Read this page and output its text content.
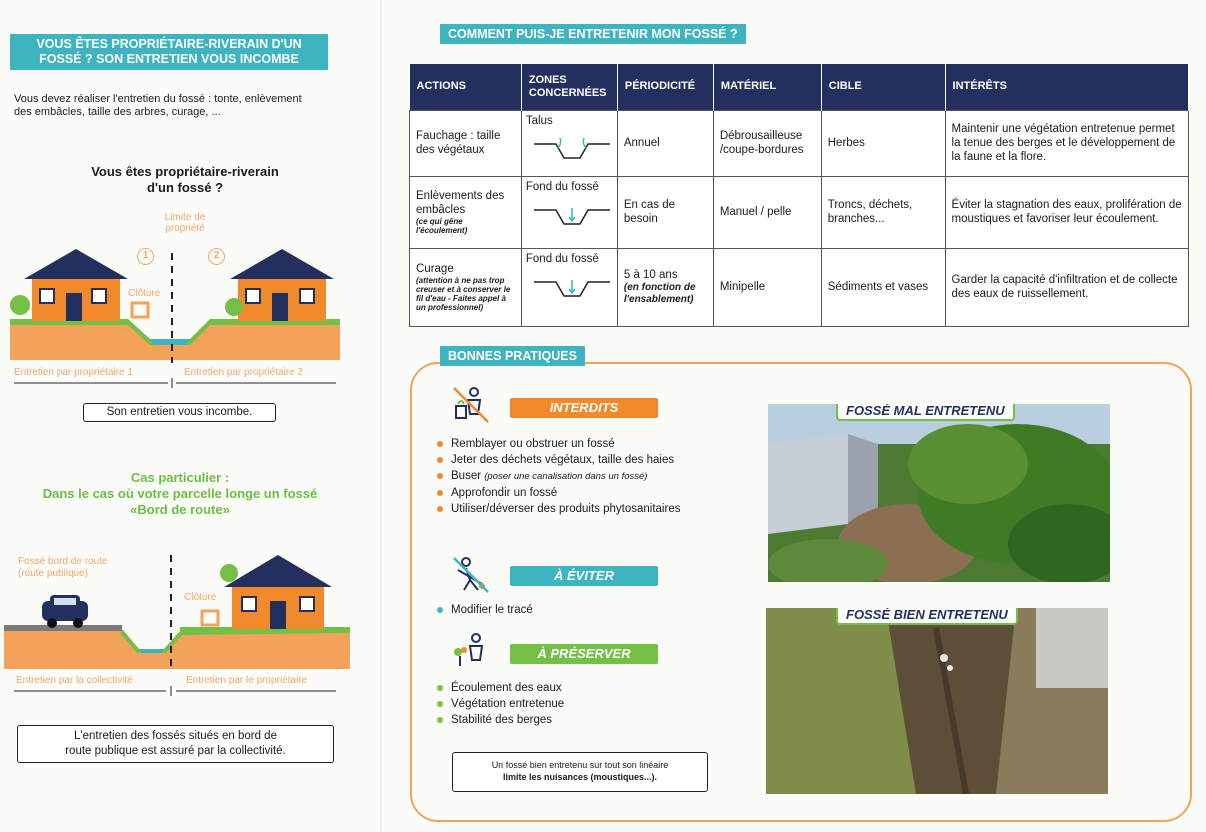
VOUS ÊTES PROPRIÉTAIRE-RIVERAIN D'UN
FOSSÉ ? SON ENTRETIEN VOUS INCOMBE
Vous devez réaliser l'entretien du fossé : tonte, enlèvement des embâcles, taille des arbres, curage, ...
Vous êtes propriétaire-riverain
d'un fossé ?
Limite de
propriété
1	2
Clôture
Entretien par propriétaire 1	Entretien par propriétaire 2
Son entretien vous incombe.
Cas particulier :
Dans le cas où votre parcelle longe un fossé
«Bord de route»
Fossé bord de route
(route publique)
Clôture
Entretien par la collectivité	Entretien par le propriétaire
L'entretien des fossés situés en bord de
route publique est assuré par la collectivité.
COMMENT PUIS-JE ENTRETENIR MON FOSSÉ ?
ACTIONS	ZONES CONCERNÉES	PÉRIODICITÉ	MATÉRIEL	CIBLE	INTÉRÊTS
Fauchage : taille des végétaux	Talus	Annuel	Débrousailleuse /coupe-bordures	Herbes	Maintenir une végétation entretenue permet la tenue des berges et le développement de la faune et la flore.
Enlèvements des embâcles
(ce qui gêne l'écoulement)	Fond du fossé	En cas de besoin	Manuel / pelle	Troncs, déchets, branches...	Éviter la stagnation des eaux, prolifération de moustiques et favoriser leur écoulement.
Curage
(attention à ne pas trop creuser et à conserver le fil d'eau - Faites appel à un professionnel)	Fond du fossé	5 à 10 ans
(en fonction de l'ensablement)	Minipelle	Sédiments et vases	Garder la capacité d'infiltration et de collecte des eaux de ruissellement.
BONNES PRATIQUES
INTERDITS
Remblayer ou obstruer un fossé
Jeter des déchets végétaux, taille des haies
Buser (poser une canalisation dans un fossé)
Approfondir un fossé
Utiliser/déverser des produits phytosanitaires
À ÉVITER
Modifier le tracé
À PRÉSERVER
Écoulement des eaux
Végétation entretenue
Stabilité des berges
Un fossé bien entretenu sur tout son linéaire
limite les nuisances (moustiques...).
FOSSÉ MAL ENTRETENU
FOSSÉ BIEN ENTRETENU
